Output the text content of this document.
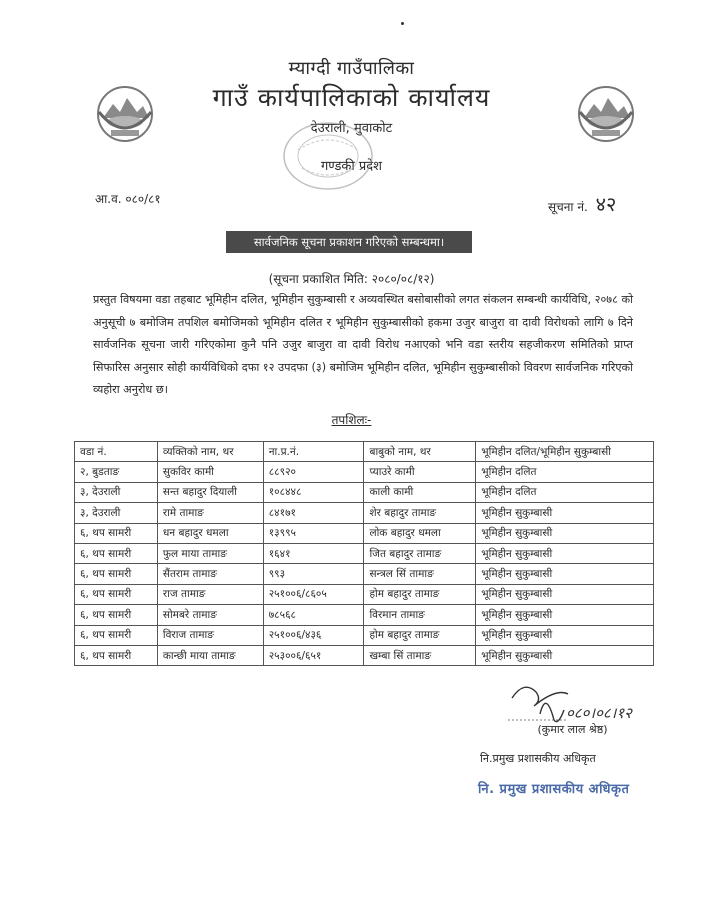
म्याग्दी गाउँपालिका
गाउँ कार्यपालिकाको कार्यालय
देउराली, मुवाकोट
गण्डकी प्रदेश
आ.व. ०८०/८१
सूचना नं. ४२
सार्वजनिक सूचना प्रकाशन गरिएको सम्बन्धमा।
(सूचना प्रकाशित मिति: २०८०/०८/१२)

प्रस्तुत विषयमा वडा तहबाट भूमिहीन दलित, भूमिहीन सुकुम्बासी र अव्यवस्थित बसोबासीको लगत संकलन सम्बन्धी कार्यविधि, २०७८ को अनुसूची ७ बमोजिम तपशिल बमोजिमको भूमिहीन दलित र भूमिहीन सुकुम्बासीको हकमा उजुर बाजुरा वा दावी विरोधको लागि ७ दिने सार्वजनिक सूचना जारी गरिएकोमा कुनै पनि उजुर बाजुरा वा दावी विरोध नआएको भनि वडा स्तरीय सहजीकरण समितिको प्राप्त सिफारिस अनुसार सोही कार्यविधिको दफा १२ उपदफा (३) बमोजिम भूमिहीन दलित, भूमिहीन सुकुम्बासीको विवरण सार्वजनिक गरिएको व्यहोरा अनुरोध छ।

तपशिलः-
वडा नं.	व्यक्तिको नाम, थर	ना.प्र.नं.	बाबुको नाम, थर	भूमिहीन दलित/भूमिहीन सुकुम्बासी
२, बुडताङ	सुकविर कामी	८८९२०	प्याउरे कामी	भूमिहीन दलित
३, देउराली	सन्त बहादुर दियाली	१०८४४८	काली कामी	भूमिहीन दलित
३, देउराली	रामे तामाङ	८४१७१	शेर बहादुर तामाङ	भूमिहीन सुकुम्बासी
६, थप सामरी	धन बहादुर धमला	१३९९५	लोक बहादुर धमला	भूमिहीन सुकुम्बासी
६, थप सामरी	फुल माया तामाङ	१६४१	जित बहादुर तामाङ	भूमिहीन सुकुम्बासी
६, थप सामरी	सैंतराम तामाङ	९९३	सन्त्रल सिं तामाङ	भूमिहीन सुकुम्बासी
६, थप सामरी	राज तामाङ	२५१००६/८६०५	होम बहादुर तामाङ	भूमिहीन सुकुम्बासी
६, थप सामरी	सोमबरे तामाङ	७८५६८	विरमान तामाङ	भूमिहीन सुकुम्बासी
६, थप सामरी	विराज तामाङ	२५१००६/४३६	होम बहादुर तामाङ	भूमिहीन सुकुम्बासी
६, थप सामरी	कान्छी माया तामाङ	२५३००६/६५१	खम्बा सिं तामाङ	भूमिहीन सुकुम्बासी
०८०।०८।१२
(कुमार लाल श्रेष्ठ)
नि.प्रमुख प्रशासकीय अधिकृत
नि. प्रमुख प्रशासकीय अधिकृत
